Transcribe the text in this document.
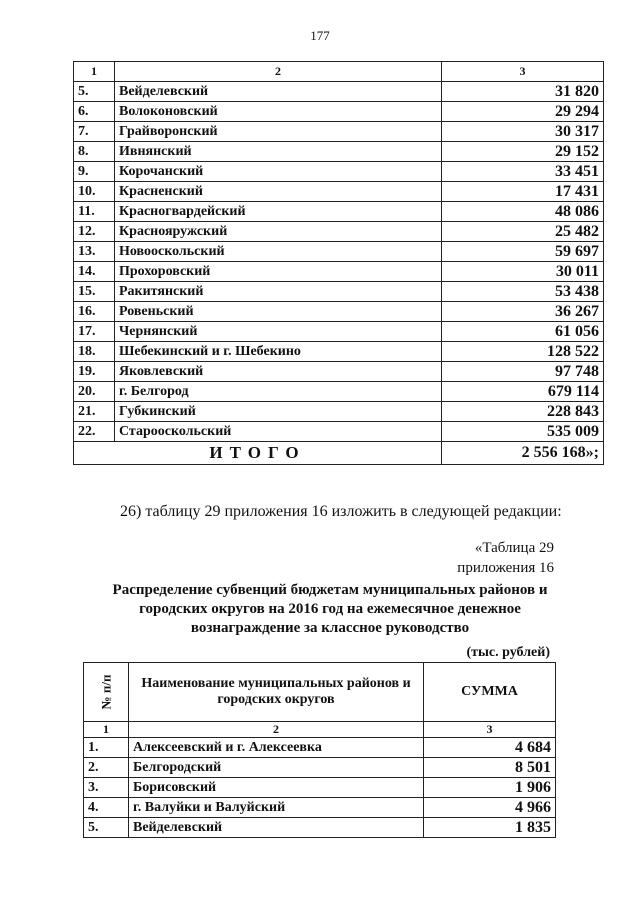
177
1	2	3
5.	Вейделевский	31 820
6.	Волоконовский	29 294
7.	Грайворонский	30 317
8.	Ивнянский	29 152
9.	Корочанский	33 451
10.	Красненский	17 431
11.	Красногвардейский	48 086
12.	Краснояружский	25 482
13.	Новооскольский	59 697
14.	Прохоровский	30 011
15.	Ракитянский	53 438
16.	Ровеньский	36 267
17.	Чернянский	61 056
18.	Шебекинский и г. Шебекино	128 522
19.	Яковлевский	97 748
20.	г. Белгород	679 114
21.	Губкинский	228 843
22.	Старооскольский	535 009
ИТОГО		2 556 168»;
26) таблицу 29 приложения 16 изложить в следующей редакции:
«Таблица 29
приложения 16
Распределение субвенций бюджетам муниципальных районов и
городских округов на 2016 год на ежемесячное денежное
вознаграждение за классное руководство
(тыс. рублей)
№ п/п	Наименование муниципальных районов и городских округов	СУММА
1	2	3
1.	Алексеевский и г. Алексеевка	4 684
2.	Белгородский	8 501
3.	Борисовский	1 906
4.	г. Валуйки и Валуйский	4 966
5.	Вейделевский	1 835
